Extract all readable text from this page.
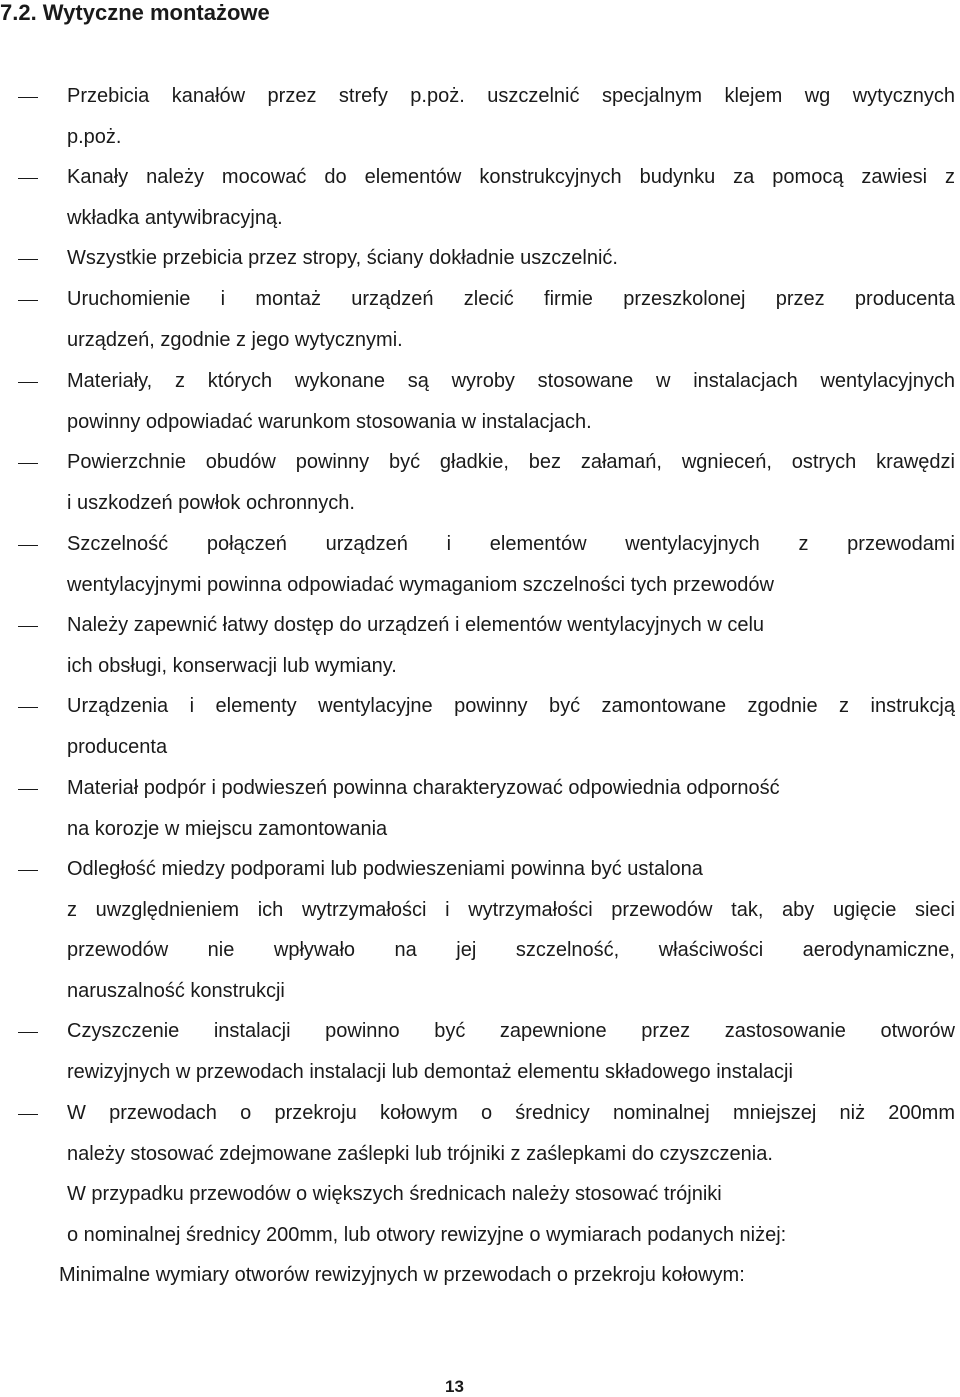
7.2. Wytyczne montażowe
Przebicia kanałów przez strefy p.poż. uszczelnić specjalnym klejem wg wytycznych
p.poż.
Kanały należy mocować do elementów konstrukcyjnych budynku za pomocą zawiesi z
wkładka antywibracyjną.
Wszystkie przebicia przez stropy, ściany dokładnie uszczelnić.
Uruchomienie i montaż urządzeń zlecić firmie przeszkolonej przez producenta
urządzeń, zgodnie z jego wytycznymi.
Materiały, z których wykonane są wyroby stosowane w instalacjach wentylacyjnych
powinny odpowiadać warunkom stosowania w instalacjach.
Powierzchnie obudów powinny być gładkie, bez załamań, wgnieceń, ostrych krawędzi
i uszkodzeń powłok ochronnych.
Szczelność połączeń urządzeń i elementów wentylacyjnych z przewodami
wentylacyjnymi powinna odpowiadać wymaganiom szczelności tych przewodów
Należy zapewnić łatwy dostęp do urządzeń i elementów wentylacyjnych w celu
ich obsługi, konserwacji lub wymiany.
Urządzenia i elementy wentylacyjne powinny być zamontowane zgodnie z instrukcją
producenta
Materiał podpór i podwieszeń powinna charakteryzować odpowiednia odporność
na korozje w miejscu zamontowania
Odległość miedzy podporami lub podwieszeniami powinna być ustalona
z uwzględnieniem ich wytrzymałości i wytrzymałości przewodów tak, aby ugięcie sieci
przewodów nie wpływało na jej szczelność, właściwości aerodynamiczne,
naruszalność konstrukcji
Czyszczenie instalacji powinno być zapewnione przez zastosowanie otworów
rewizyjnych w przewodach instalacji lub demontaż elementu składowego instalacji
W przewodach o przekroju kołowym o średnicy nominalnej mniejszej niż 200mm
należy stosować zdejmowane zaślepki lub trójniki z zaślepkami do czyszczenia.
W przypadku przewodów o większych średnicach należy stosować trójniki
o nominalnej średnicy 200mm, lub otwory rewizyjne o wymiarach podanych niżej:
Minimalne wymiary otworów rewizyjnych w przewodach o przekroju kołowym:
13
